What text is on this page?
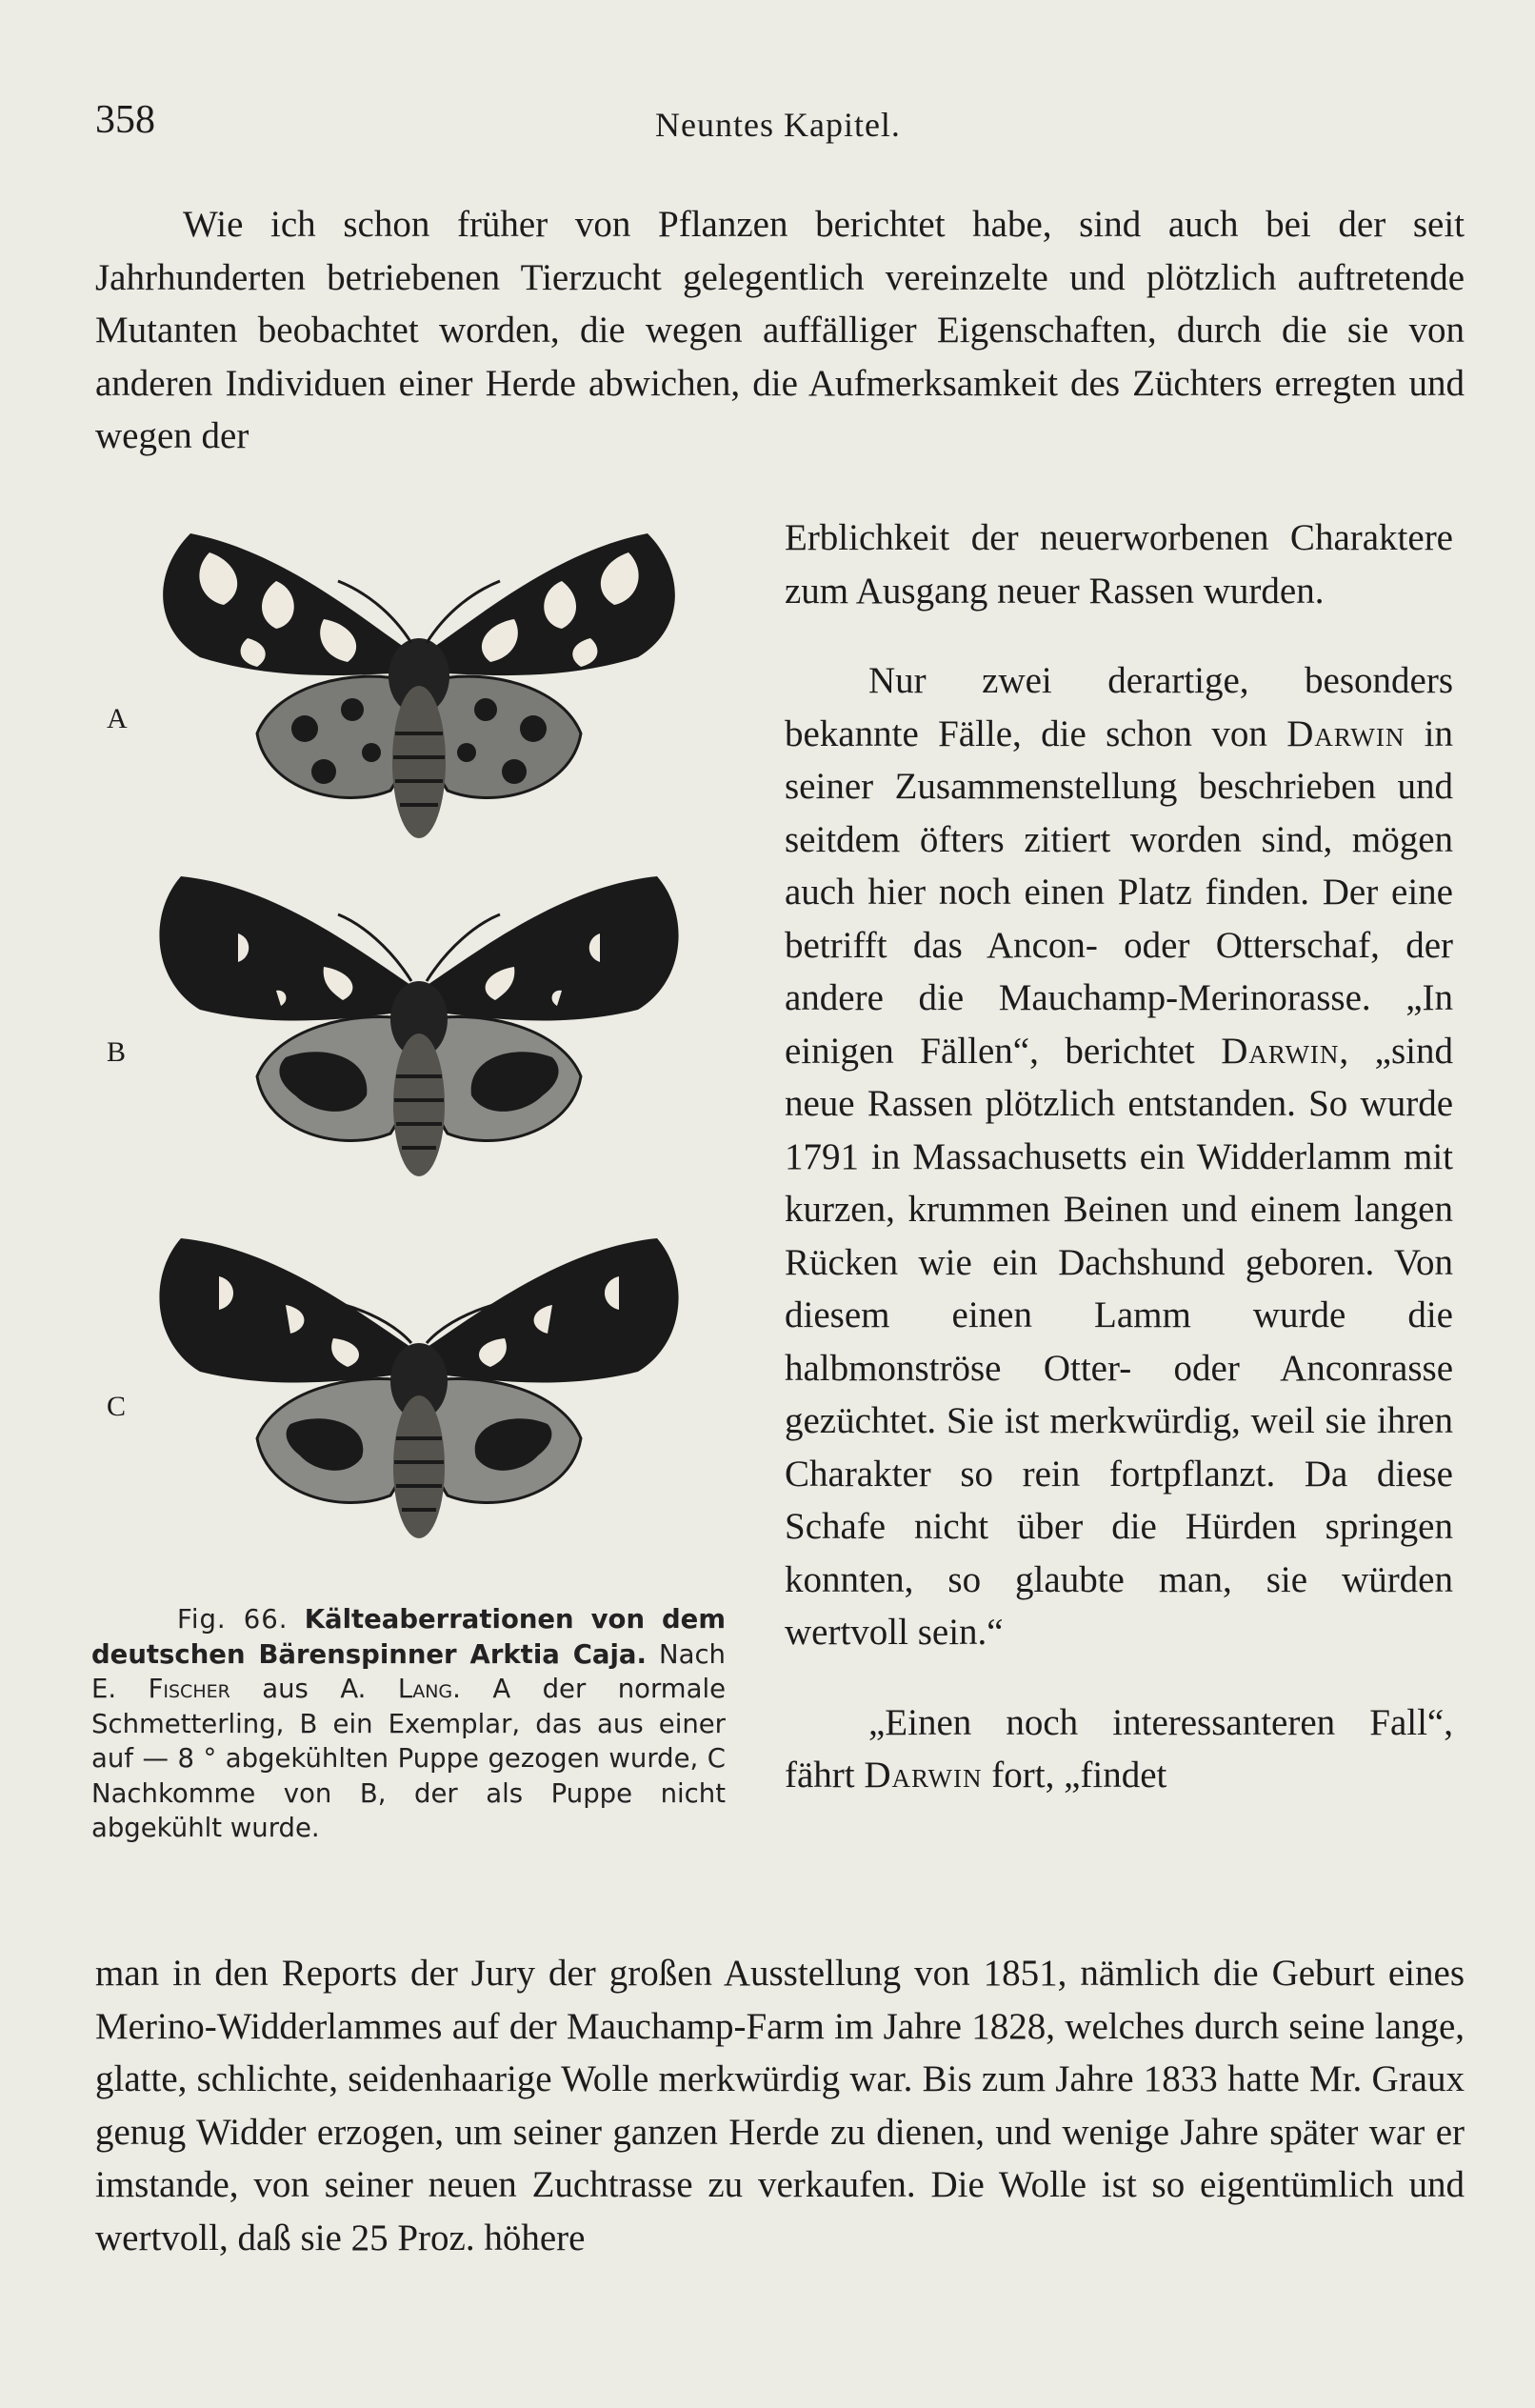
358	Neuntes Kapitel.

Wie ich schon früher von Pflanzen berichtet habe, sind auch bei der seit Jahrhunderten betriebenen Tierzucht gelegentlich vereinzelte und plötzlich auftretende Mutanten beobachtet worden, die wegen auffälliger Eigenschaften, durch die sie von anderen Individuen einer Herde abwichen, die Aufmerksamkeit des Züchters erregten und wegen der

A
B
C
Fig. 66. Kälteaberrationen von dem deutschen Bärenspinner Arktia Caja. Nach E. Fischer aus A. Lang. A der normale Schmetterling, B ein Exemplar, das aus einer auf — 8 ° abgekühlten Puppe gezogen wurde, C Nachkomme von B, der als Puppe nicht abgekühlt wurde.

Erblichkeit der neuerworbenen Charaktere zum Ausgang neuer Rassen wurden.

Nur zwei derartige, besonders bekannte Fälle, die schon von Darwin in seiner Zusammenstellung beschrieben und seitdem öfters zitiert worden sind, mögen auch hier noch einen Platz finden. Der eine betrifft das Ancon- oder Otterschaf, der andere die Mauchamp-Merinorasse. „In einigen Fällen“, berichtet Darwin, „sind neue Rassen plötzlich entstanden. So wurde 1791 in Massachusetts ein Widderlamm mit kurzen, krummen Beinen und einem langen Rücken wie ein Dachshund geboren. Von diesem einen Lamm wurde die halbmonströse Otter- oder Anconrasse gezüchtet. Sie ist merkwürdig, weil sie ihren Charakter so rein fortpflanzt. Da diese Schafe nicht über die Hürden springen konnten, so glaubte man, sie würden wertvoll sein.“

„Einen noch interessanteren Fall“, fährt Darwin fort, „findet

man in den Reports der Jury der großen Ausstellung von 1851, nämlich die Geburt eines Merino-Widderlammes auf der Mauchamp-Farm im Jahre 1828, welches durch seine lange, glatte, schlichte, seidenhaarige Wolle merkwürdig war. Bis zum Jahre 1833 hatte Mr. Graux genug Widder erzogen, um seiner ganzen Herde zu dienen, und wenige Jahre später war er imstande, von seiner neuen Zuchtrasse zu verkaufen. Die Wolle ist so eigentümlich und wertvoll, daß sie 25 Proz. höhere
